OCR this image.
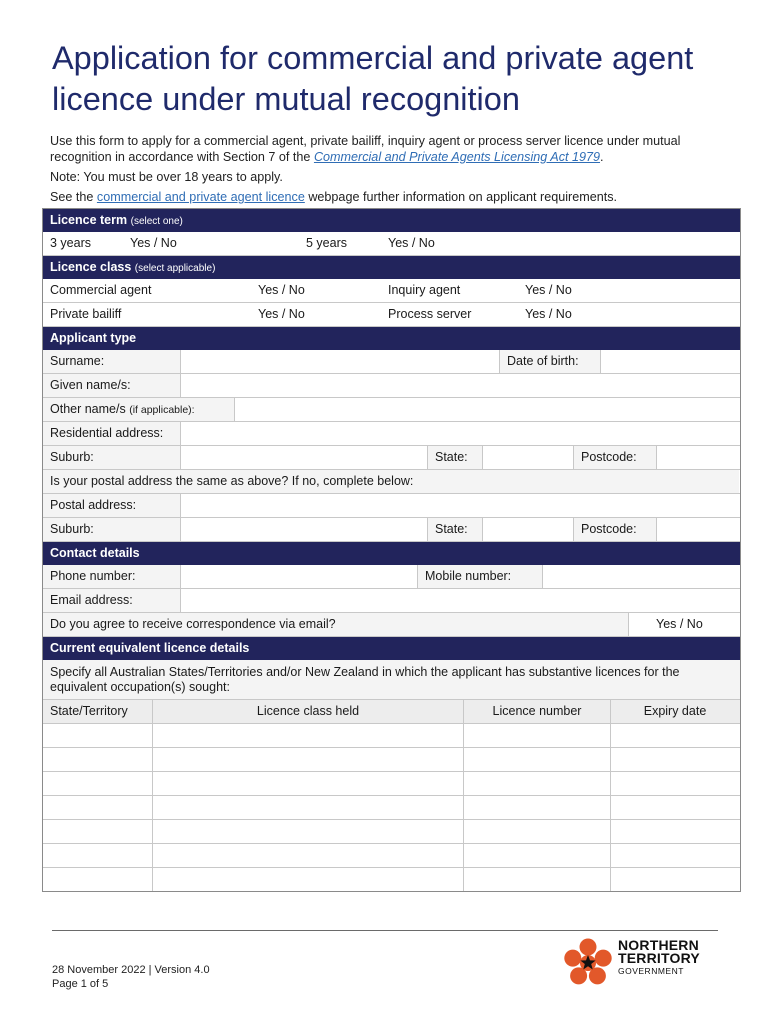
Application for commercial and private agent licence under mutual recognition

Use this form to apply for a commercial agent, private bailiff, inquiry agent or process server licence under mutual recognition in accordance with Section 7 of the Commercial and Private Agents Licensing Act 1979.

Note: You must be over 18 years to apply.

See the commercial and private agent licence webpage further information on applicant requirements.

Licence term (select one)
3 years	Yes / No	5 years	Yes / No
Licence class (select applicable)
Commercial agent	Yes / No	Inquiry agent	Yes / No
Private bailiff	Yes / No	Process server	Yes / No
Applicant type
Surname:	Date of birth:
Given name/s:
Other name/s (if applicable):
Residential address:
Suburb:	State:	Postcode:
Is your postal address the same as above? If no, complete below:
Postal address:
Suburb:	State:	Postcode:
Contact details
Phone number:	Mobile number:
Email address:
Do you agree to receive correspondence via email?	Yes / No
Current equivalent licence details
Specify all Australian States/Territories and/or New Zealand in which the applicant has substantive licences for the equivalent occupation(s) sought:
State/Territory	Licence class held	Licence number	Expiry date
28 November 2022 | Version 4.0
Page 1 of 5
NORTHERN
TERRITORY
GOVERNMENT
